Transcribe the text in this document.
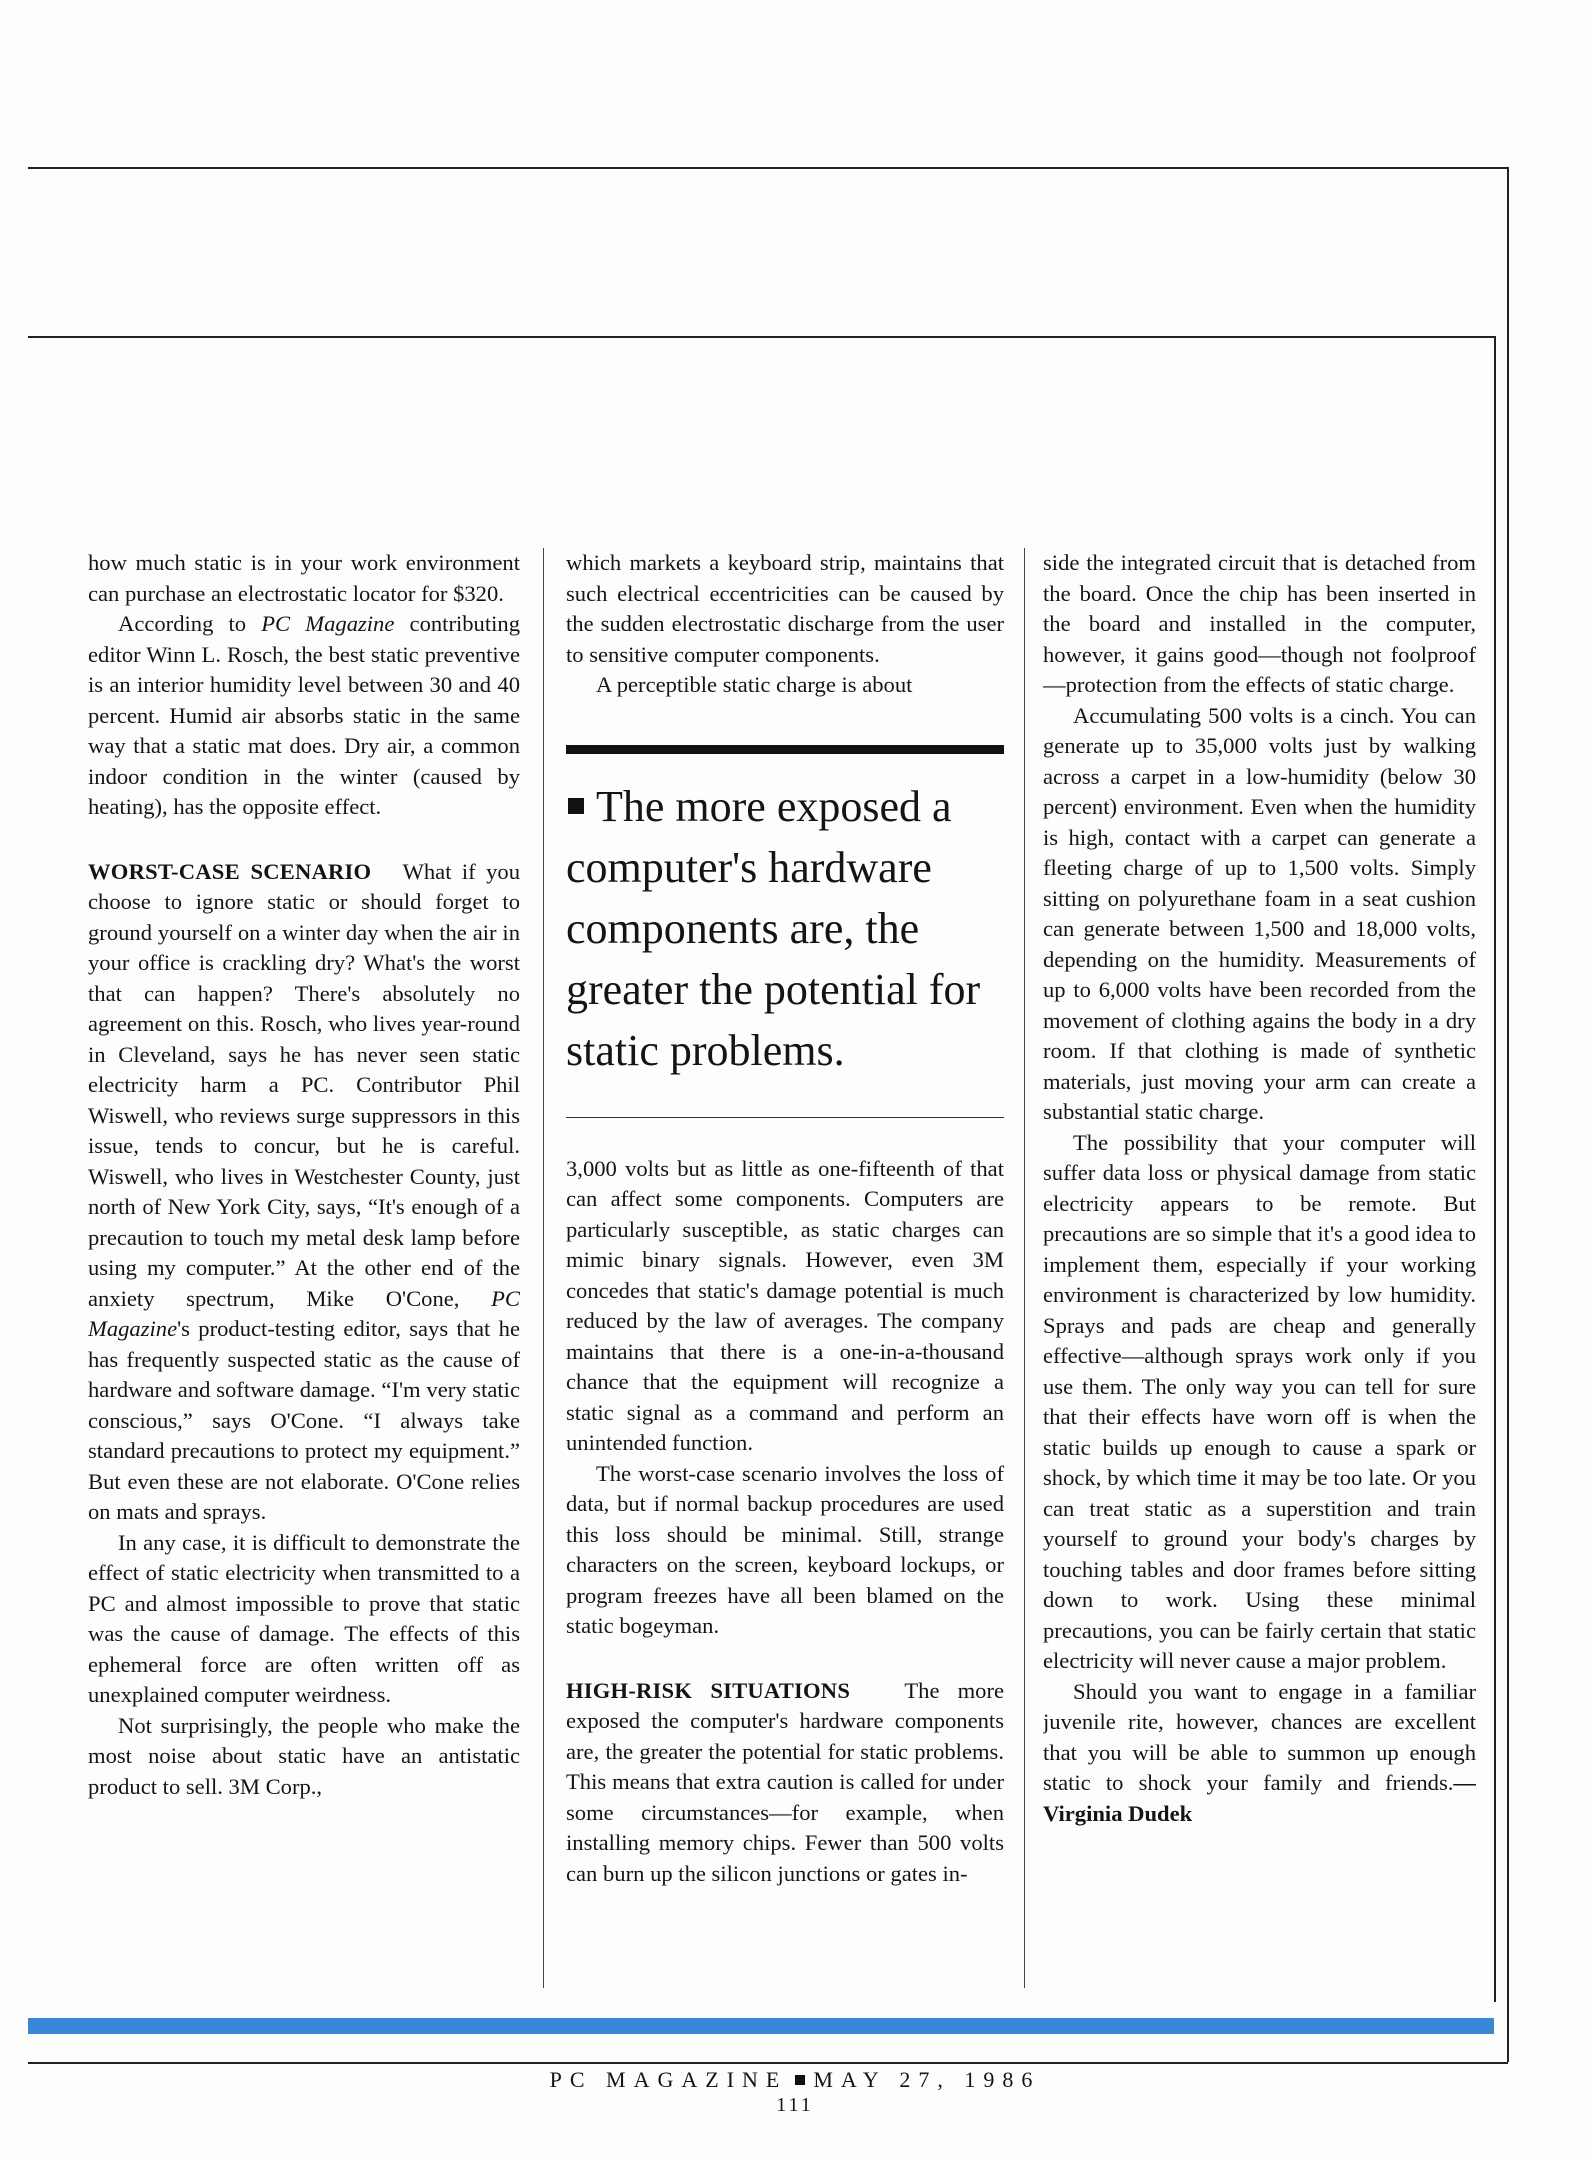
how much static is in your work environment can purchase an electrostatic locator for $320.

According to PC Magazine contributing editor Winn L. Rosch, the best static preventive is an interior humidity level between 30 and 40 percent. Humid air absorbs static in the same way that a static mat does. Dry air, a common indoor condition in the winter (caused by heating), has the opposite effect.

WORST-CASE SCENARIO What if you choose to ignore static or should forget to ground yourself on a winter day when the air in your office is crackling dry? What's the worst that can happen? There's absolutely no agreement on this. Rosch, who lives year-round in Cleveland, says he has never seen static electricity harm a PC. Contributor Phil Wiswell, who reviews surge suppressors in this issue, tends to concur, but he is careful. Wiswell, who lives in Westchester County, just north of New York City, says, “It's enough of a precaution to touch my metal desk lamp before using my computer.” At the other end of the anxiety spectrum, Mike O'Cone, PC Magazine's product-testing editor, says that he has frequently suspected static as the cause of hardware and software damage. “I'm very static conscious,” says O'Cone. “I always take standard precautions to protect my equipment.” But even these are not elaborate. O'Cone relies on mats and sprays.

In any case, it is difficult to demonstrate the effect of static electricity when transmitted to a PC and almost impossible to prove that static was the cause of damage. The effects of this ephemeral force are often written off as unexplained computer weirdness.

Not surprisingly, the people who make the most noise about static have an antistatic product to sell. 3M Corp.,

which markets a keyboard strip, maintains that such electrical eccentricities can be caused by the sudden electrostatic discharge from the user to sensitive computer components.

A perceptible static charge is about

The more exposed a computer's hardware components are, the greater the potential for static problems.

3,000 volts but as little as one-fifteenth of that can affect some components. Computers are particularly susceptible, as static charges can mimic binary signals. However, even 3M concedes that static's damage potential is much reduced by the law of averages. The company maintains that there is a one-in-a-thousand chance that the equipment will recognize a static signal as a command and perform an unintended function.

The worst-case scenario involves the loss of data, but if normal backup procedures are used this loss should be minimal. Still, strange characters on the screen, keyboard lockups, or program freezes have all been blamed on the static bogeyman.

HIGH-RISK SITUATIONS The more exposed the computer's hardware components are, the greater the potential for static problems. This means that extra caution is called for under some circumstances—for example, when installing memory chips. Fewer than 500 volts can burn up the silicon junctions or gates in-

side the integrated circuit that is detached from the board. Once the chip has been inserted in the board and installed in the computer, however, it gains good—though not foolproof—protection from the effects of static charge.

Accumulating 500 volts is a cinch. You can generate up to 35,000 volts just by walking across a carpet in a low-humidity (below 30 percent) environment. Even when the humidity is high, contact with a carpet can generate a fleeting charge of up to 1,500 volts. Simply sitting on polyurethane foam in a seat cushion can generate between 1,500 and 18,000 volts, depending on the humidity. Measurements of up to 6,000 volts have been recorded from the movement of clothing agains the body in a dry room. If that clothing is made of synthetic materials, just moving your arm can create a substantial static charge.

The possibility that your computer will suffer data loss or physical damage from static electricity appears to be remote. But precautions are so simple that it's a good idea to implement them, especially if your working environment is characterized by low humidity. Sprays and pads are cheap and generally effective—although sprays work only if you use them. The only way you can tell for sure that their effects have worn off is when the static builds up enough to cause a spark or shock, by which time it may be too late. Or you can treat static as a superstition and train yourself to ground your body's charges by touching tables and door frames before sitting down to work. Using these minimal precautions, you can be fairly certain that static electricity will never cause a major problem.

Should you want to engage in a familiar juvenile rite, however, chances are excellent that you will be able to summon up enough static to shock your family and friends.—Virginia Dudek

PC MAGAZINE MAY 27, 1986
111
